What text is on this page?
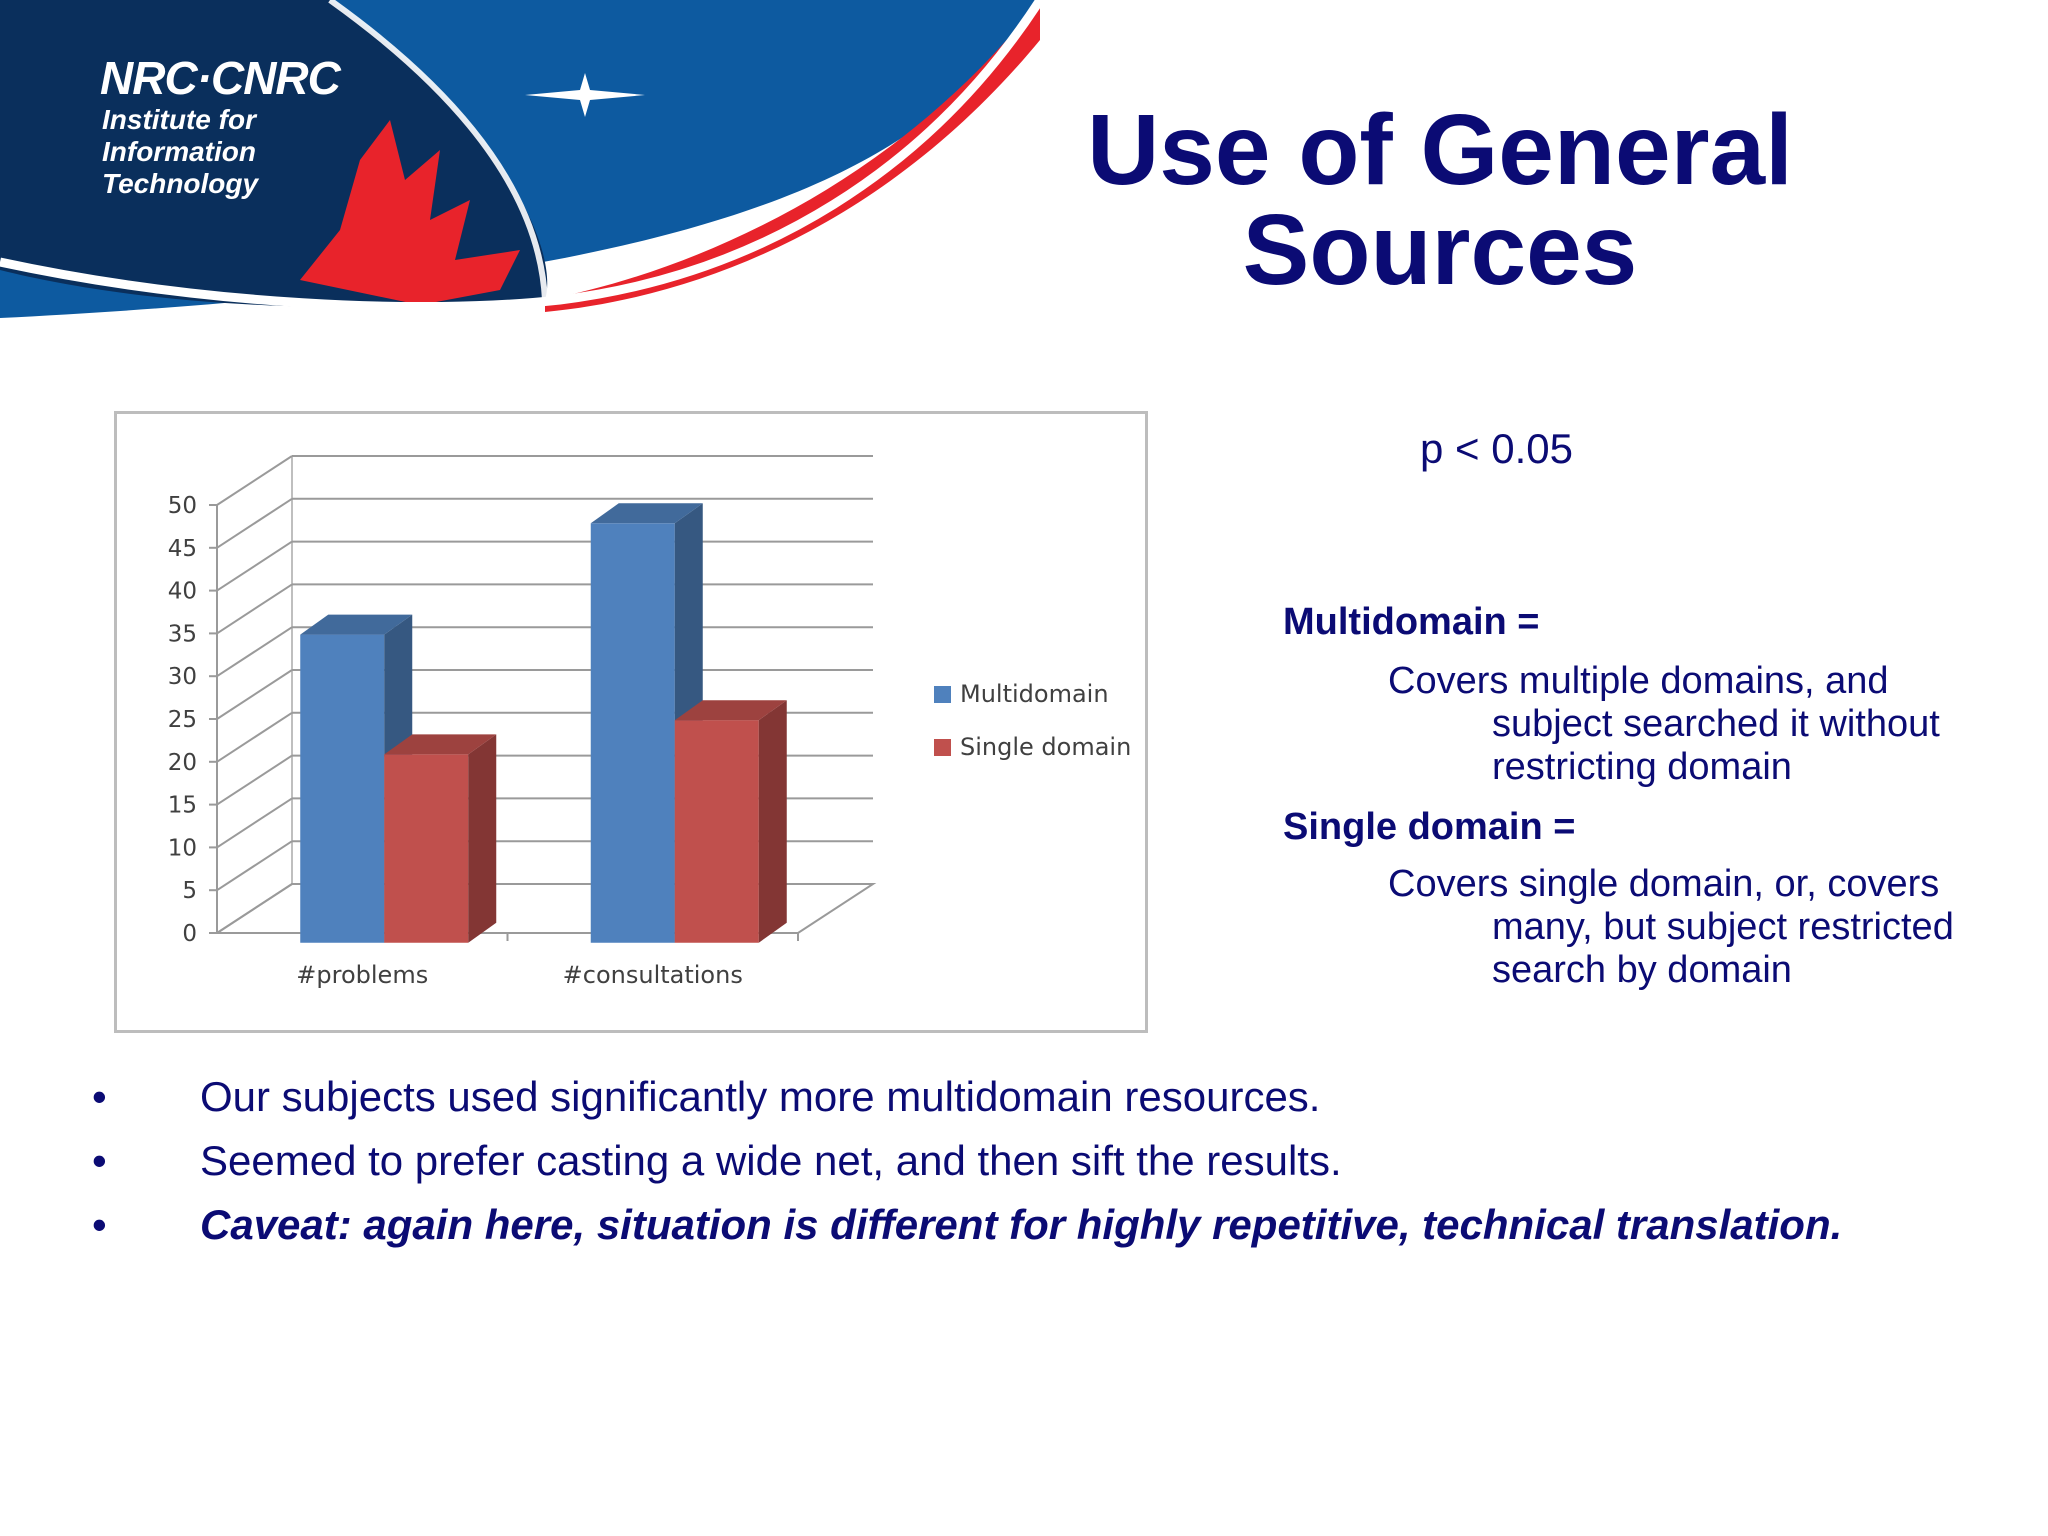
NRC·CNRC
Institute for
Information
Technology	Use of General
Sources
0
5
10
15
20
25
30
35
40
45
50
#problems	#consultations
Multidomain
Single domain
p < 0.05
Multidomain =
Covers multiple domains, and
subject searched it without
restricting domain
Single domain =
Covers single domain, or, covers
many, but subject restricted
search by domain
•	Our subjects used significantly more multidomain resources.
•	Seemed to prefer casting a wide net, and then sift the results.
•	Caveat: again here, situation is different for highly repetitive, technical translation.
